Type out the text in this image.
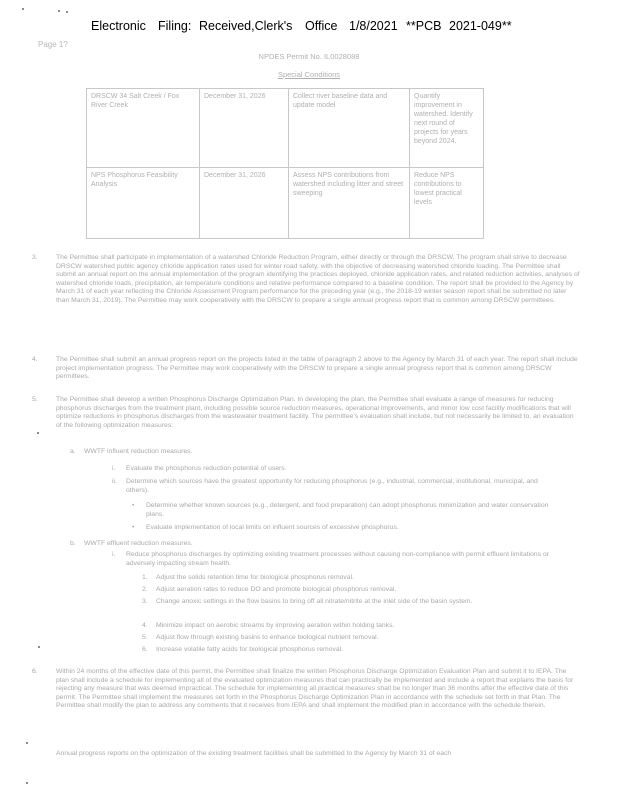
Electronic Filing: Received,Clerk's Office 1/8/2021 **PCB 2021-049**
Page 1?
NPDES Permit No. IL0028088
Special Conditions
DRSCW 34 Salt Creek / Fox River Creek	December 31, 2026	Collect river baseline data and update model	Quantify improvement in watershed. Identify next round of projects for years beyond 2024.
NPS Phosphorus Feasibility Analysis	December 31, 2026	Assess NPS contributions from watershed including litter and street sweeping	Reduce NPS contributions to lowest practical levels
3.	The Permittee shall participate in implementation of a watershed Chloride Reduction Program, either directly or through the DRSCW. The program shall strive to decrease DRSCW watershed public agency chloride application rates used for winter road safety, with the objective of decreasing watershed chloride loading. The Permittee shall submit an annual report on the annual implementation of the program identifying the practices deployed, chloride application rates, and related reduction activities, analyses of watershed chloride loads, precipitation, air temperature conditions and relative performance compared to a baseline condition. The report shall be provided to the Agency by March 31 of each year reflecting the Chloride Assessment Program performance for the preceding year (e.g., the 2018-19 winter season report shall be submitted no later than March 31, 2019). The Permittee may work cooperatively with the DRSCW to prepare a single annual progress report that is common among DRSCW permittees.
4.	The Permittee shall submit an annual progress report on the projects listed in the table of paragraph 2 above to the Agency by March 31 of each year. The report shall include project implementation progress. The Permittee may work cooperatively with the DRSCW to prepare a single annual progress report that is common among DRSCW permittees.
5.	The Permittee shall develop a written Phosphorus Discharge Optimization Plan. In developing the plan, the Permittee shall evaluate a range of measures for reducing phosphorus discharges from the treatment plant, including possible source reduction measures, operational improvements, and minor low cost facility modifications that will optimize reductions in phosphorus discharges from the wastewater treatment facility. The permittee's evaluation shall include, but not necessarily be limited to, an evaluation of the following optimization measures:
a. WWTF influent reduction measures.
i. Evaluate the phosphorus reduction potential of users.
ii. Determine which sources have the greatest opportunity for reducing phosphorus (e.g., industrial, commercial, institutional, municipal, and others).
• Determine whether known sources (e.g., detergent, and food preparation) can adopt phosphorus minimization and water conservation plans.
• Evaluate implementation of local limits on influent sources of excessive phosphorus.
b. WWTF effluent reduction measures.
i. Reduce phosphorus discharges by optimizing existing treatment processes without causing non-compliance with permit effluent limitations or adversely impacting stream health.
1. Adjust the solids retention time for biological phosphorus removal.
2. Adjust aeration rates to reduce DO and promote biological phosphorus removal.
3. Change anoxic settings in the flow basins to bring off all nitrate/nitrite at the inlet side of the basin system.
4. Minimize impact on aerobic streams by improving aeration within holding tanks.
5. Adjust flow through existing basins to enhance biological nutrient removal.
6. Increase volatile fatty acids for biological phosphorus removal.
6.	Within 24 months of the effective date of this permit, the Permittee shall finalize the written Phosphorus Discharge Optimization Evaluation Plan and submit it to IEPA. The plan shall include a schedule for implementing all of the evaluated optimization measures that can practically be implemented and include a report that explains the basis for rejecting any measure that was deemed impractical. The schedule for implementing all practical measures shall be no longer than 36 months after the effective date of this permit. The Permittee shall implement the measures set forth in the Phosphorus Discharge Optimization Plan in accordance with the schedule set forth in that Plan. The Permittee shall modify the plan to address any comments that it receives from IEPA and shall implement the modified plan in accordance with the schedule therein.
Annual progress reports on the optimization of the existing treatment facilities shall be submitted to the Agency by March 31 of each
